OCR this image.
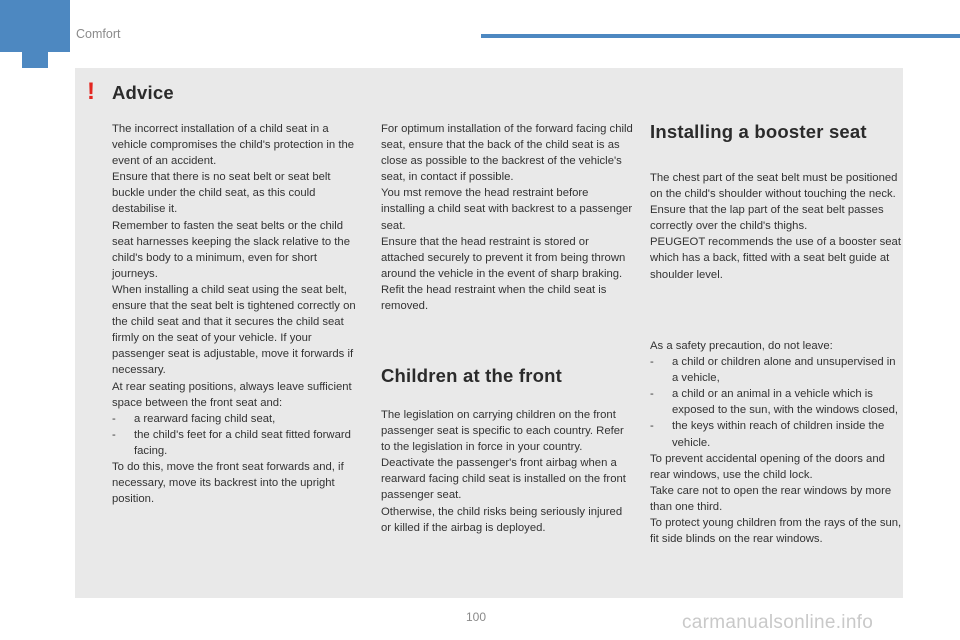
Comfort
! Advice

The incorrect installation of a child seat in a vehicle compromises the child's protection in the event of an accident.

Ensure that there is no seat belt or seat belt buckle under the child seat, as this could destabilise it.

Remember to fasten the seat belts or the child seat harnesses keeping the slack relative to the child's body to a minimum, even for short journeys.

When installing a child seat using the seat belt, ensure that the seat belt is tightened correctly on the child seat and that it secures the child seat firmly on the seat of your vehicle. If your passenger seat is adjustable, move it forwards if necessary.

At rear seating positions, always leave sufficient space between the front seat and:

- a rearward facing child seat,

- the child's feet for a child seat fitted forward facing.

To do this, move the front seat forwards and, if necessary, move its backrest into the upright position.

For optimum installation of the forward facing child seat, ensure that the back of the child seat is as close as possible to the backrest of the vehicle's seat, in contact if possible.

You mst remove the head restraint before installing a child seat with backrest to a passenger seat.

Ensure that the head restraint is stored or attached securely to prevent it from being thrown around the vehicle in the event of sharp braking. Refit the head restraint when the child seat is removed.

Children at the front

The legislation on carrying children on the front passenger seat is specific to each country. Refer to the legislation in force in your country.

Deactivate the passenger's front airbag when a rearward facing child seat is installed on the front passenger seat.

Otherwise, the child risks being seriously injured or killed if the airbag is deployed.

Installing a booster seat

The chest part of the seat belt must be positioned on the child's shoulder without touching the neck.

Ensure that the lap part of the seat belt passes correctly over the child's thighs.

PEUGEOT recommends the use of a booster seat which has a back, fitted with a seat belt guide at shoulder level.

As a safety precaution, do not leave:

- a child or children alone and unsupervised in a vehicle,

- a child or an animal in a vehicle which is exposed to the sun, with the windows closed,

- the keys within reach of children inside the vehicle.

To prevent accidental opening of the doors and rear windows, use the child lock.

Take care not to open the rear windows by more than one third.

To protect young children from the rays of the sun, fit side blinds on the rear windows.

100	carmanualsonline.info
